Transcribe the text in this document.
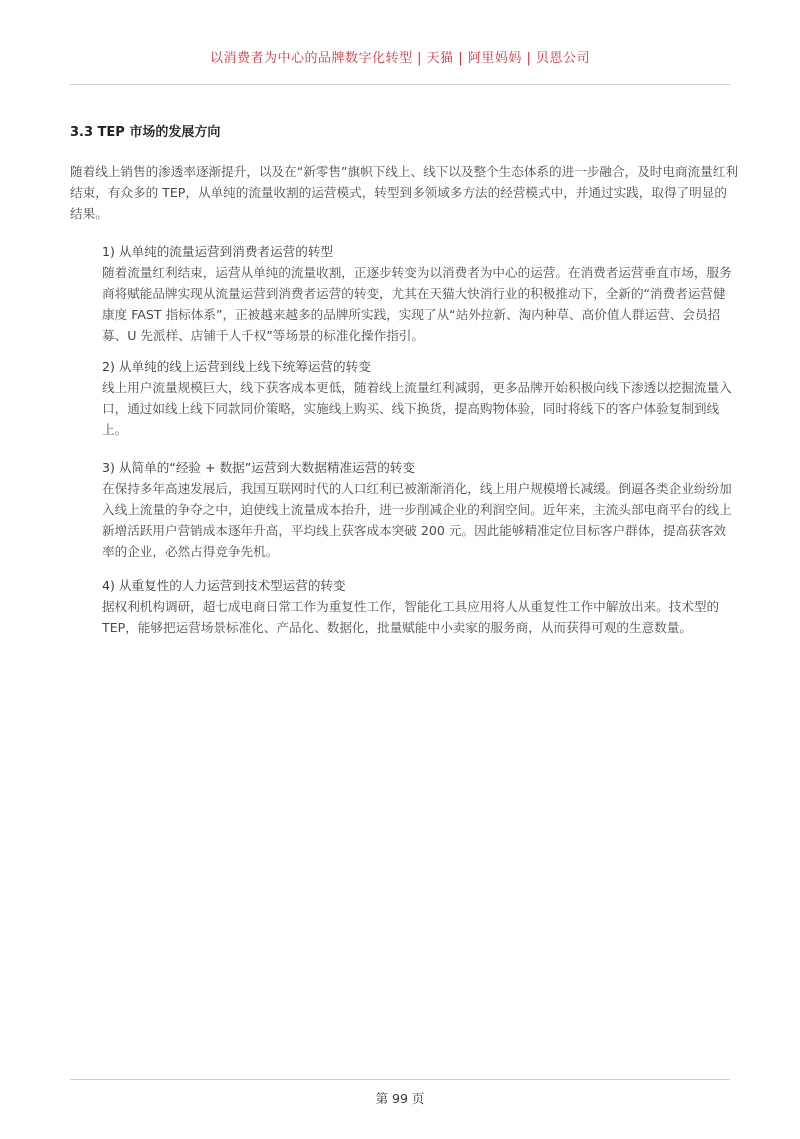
以消费者为中心的品牌数字化转型 | 天猫 | 阿里妈妈 | 贝恩公司
3.3 TEP 市场的发展方向

随着线上销售的渗透率逐渐提升，以及在“新零售”旗帜下线上、线下以及整个生态体系的进一步融合，及时电商流量红利结束，有众多的 TEP，从单纯的流量收割的运营模式，转型到多领域多方法的经营模式中，并通过实践，取得了明显的结果。

1) 从单纯的流量运营到消费者运营的转型

随着流量红利结束，运营从单纯的流量收割，正逐步转变为以消费者为中心的运营。在消费者运营垂直市场，服务商将赋能品牌实现从流量运营到消费者运营的转变，尤其在天猫大快消行业的积极推动下，全新的“消费者运营健康度 FAST 指标体系”，正被越来越多的品牌所实践，实现了从“站外拉新、淘内种草、高价值人群运营、会员招募、U 先派样、店铺千人千权”等场景的标准化操作指引。

2) 从单纯的线上运营到线上线下统筹运营的转变

线上用户流量规模巨大，线下获客成本更低，随着线上流量红利减弱，更多品牌开始积极向线下渗透以挖掘流量入口，通过如线上线下同款同价策略，实施线上购买、线下换货，提高购物体验，同时将线下的客户体验复制到线上。

3) 从简单的“经验 + 数据”运营到大数据精准运营的转变

在保持多年高速发展后，我国互联网时代的人口红利已被渐渐消化，线上用户规模增长减缓。倒逼各类企业纷纷加入线上流量的争夺之中，迫使线上流量成本抬升，进一步削减企业的利润空间。近年来，主流头部电商平台的线上新增活跃用户营销成本逐年升高，平均线上获客成本突破 200 元。因此能够精准定位目标客户群体，提高获客效率的企业，必然占得竞争先机。

4) 从重复性的人力运营到技术型运营的转变

据权利机构调研，超七成电商日常工作为重复性工作，智能化工具应用将人从重复性工作中解放出来。技术型的 TEP，能够把运营场景标准化、产品化、数据化，批量赋能中小卖家的服务商，从而获得可观的生意数量。

第 99 页
